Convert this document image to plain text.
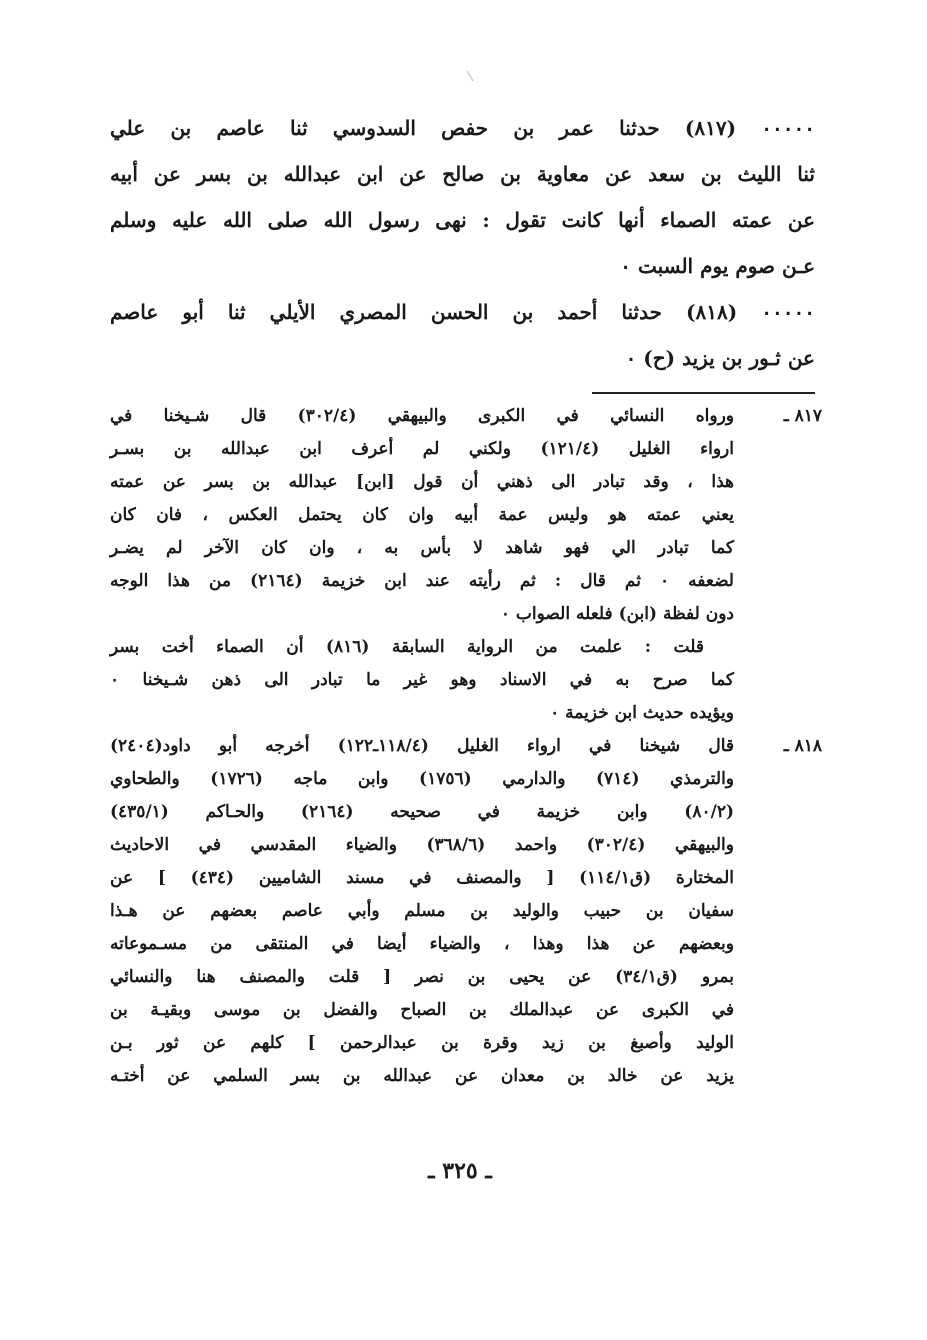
٠٠٠٠٠ (٨١٧) حدثنا عمر بن حفص السدوسي ثنا عاصم بن علي
ثنا الليث بن سعد عن معاوية بن صالح عن ابن عبدالله بن بسر عن أبيه
عن عمته الصماء أنها كانت تقول : نهى رسول الله صلى الله عليه وسلم
عـن صوم يوم السبت ٠
٠٠٠٠٠ (٨١٨) حدثنا أحمد بن الحسن المصري الأيلي ثنا أبو عاصم
عن ثـور بن يزيد (ح) ٠
٨١٧ ـ
ورواه النسائي في الكبرى والبيهقي (٣٠٢/٤) قال شـيخنا في
ارواء الغليل (١٢١/٤) ولكني لم أعرف ابن عبدالله بن بسـر
هذا ، وقد تبادر الى ذهني أن قول [ابن] عبدالله بن بسر عن عمته
يعني عمته هو وليس عمة أبيه وان كان يحتمل العكس ، فان كان
كما تبادر الي فهو شاهد لا بأس به ، وان كان الآخر لم يضـر
لضعفه ٠ ثم قال : ثم رأيته عند ابن خزيمة (٢١٦٤) من هذا الوجه
دون لفظة (ابن) فلعله الصواب ٠
قلت : علمت من الرواية السابقة (٨١٦) أن الصماء أخت بسر
كما صرح به في الاسناد وهو غير ما تبادر الى ذهن شـيخنا ٠
ويؤيده حديث ابن خزيمة ٠
٨١٨ ـ
قال شيخنا في ارواء الغليل (١١٨/٤ـ١٢٢) أخرجه أبو داود(٢٤٠٤)
والترمذي (٧١٤) والدارمي (١٧٥٦) وابن ماجه (١٧٢٦) والطحاوي
(٨٠/٢) وابن خزيمة في صحيحه (٢١٦٤) والحـاكم (٤٣٥/١)
والبيهقي (٣٠٢/٤) واحمد (٣٦٨/٦) والضياء المقدسي في الاحاديث
المختارة (ق١١٤/١) [ والمصنف في مسند الشاميين (٤٣٤) ] عن
سفيان بن حبيب والوليد بن مسلم وأبي عاصم بعضهم عن هـذا
وبعضهم عن هذا وهذا ، والضياء أيضا في المنتقى من مسـموعاته
بمرو (ق٣٤/١) عن يحيى بن نصر [ قلت والمصنف هنا والنسائي
في الكبرى عن عبدالملك بن الصباح والفضل بن موسى وبقيـة بن
الوليد وأصبغ بن زيد وقرة بن عبدالرحمن ] كلهم عن ثور بـن
يزيد عن خالد بن معدان عن عبدالله بن بسر السلمي عن أختـه
ـ ٣٢٥ ـ
